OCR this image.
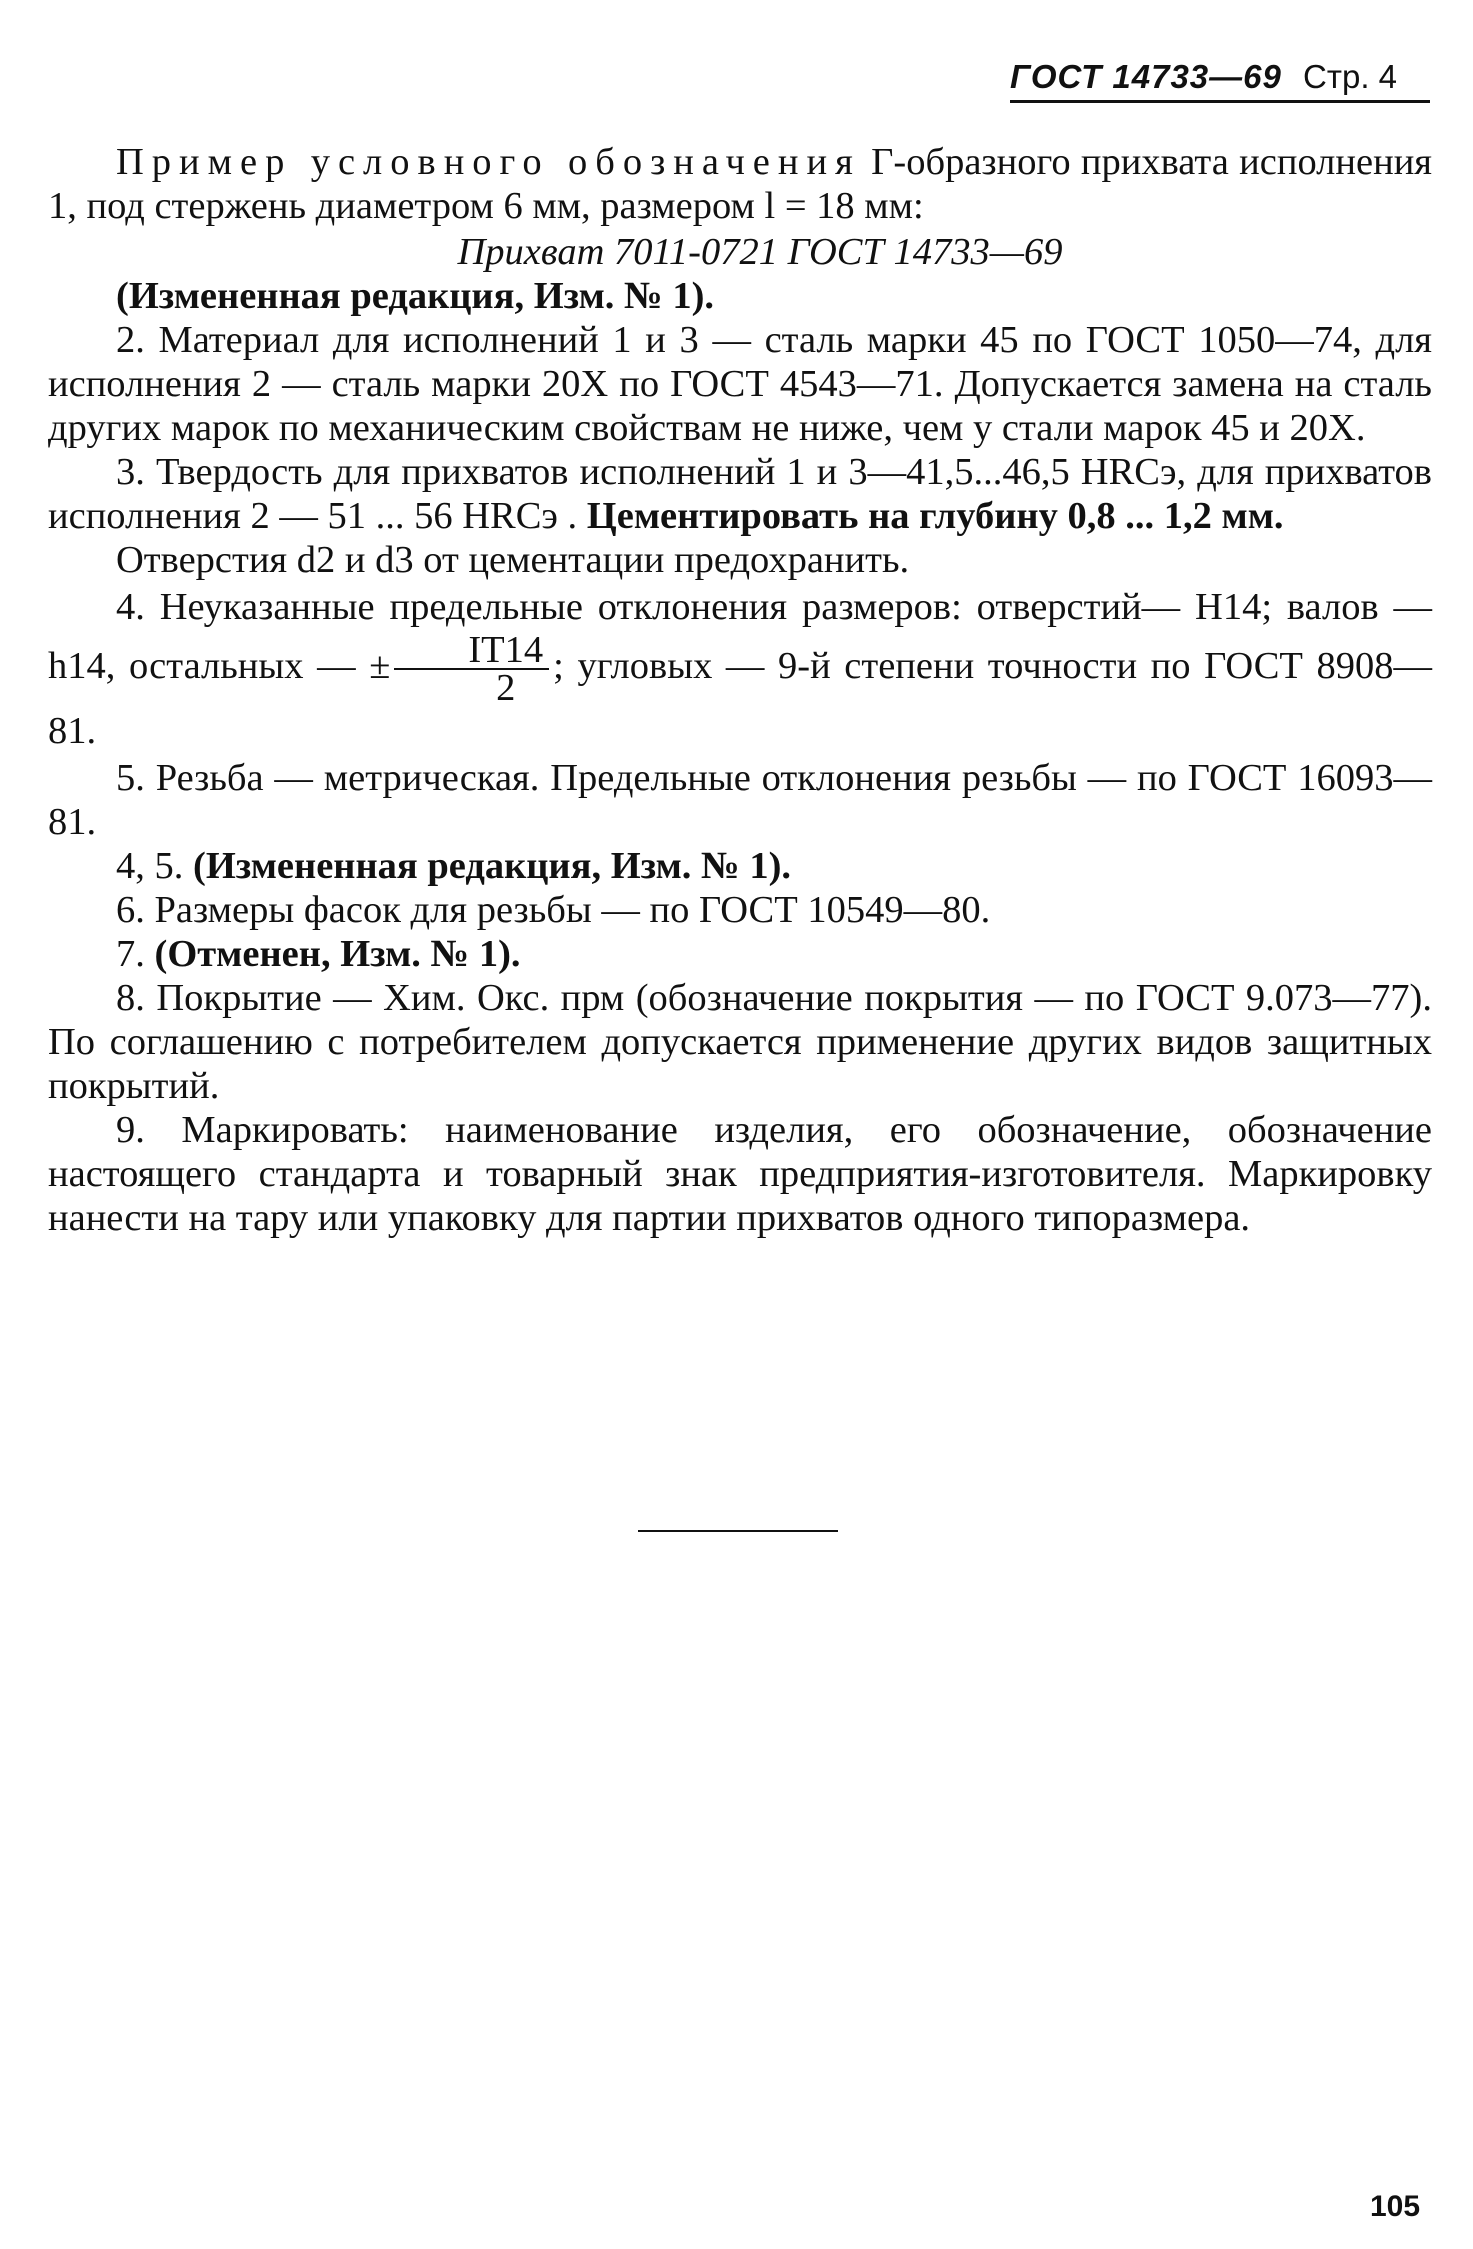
ГОСТ 14733—69 Стр. 4

Пример условного обозначения Г-образного прихвата исполнения 1, под стержень диаметром 6 мм, размером l = 18 мм:

Прихват 7011-0721 ГОСТ 14733—69

(Измененная редакция, Изм. № 1).

2. Материал для исполнений 1 и 3 — сталь марки 45 по ГОСТ 1050—74, для исполнения 2 — сталь марки 20Х по ГОСТ 4543—71. Допускается замена на сталь других марок по механическим свойствам не ниже, чем у стали марок 45 и 20Х.

3. Твердость для прихватов исполнений 1 и 3—41,5...46,5 HRCэ, для прихватов исполнения 2 — 51 ... 56 HRCэ . Цементировать на глубину 0,8 ... 1,2 мм.

Отверстия d2 и d3 от цементации предохранить.

4. Неуказанные предельные отклонения размеров: отверстий— Н14; валов — h14, остальных — ± $\frac{IT14}{2}$ ; угловых — 9-й степени точности по ГОСТ 8908—81.

5. Резьба — метрическая. Предельные отклонения резьбы — по ГОСТ 16093—81.

4, 5. (Измененная редакция, Изм. № 1).

6. Размеры фасок для резьбы — по ГОСТ 10549—80.

7. (Отменен, Изм. № 1).

8. Покрытие — Хим. Окс. прм (обозначение покрытия — по ГОСТ 9.073—77). По соглашению с потребителем допускается применение других видов защитных покрытий.

9. Маркировать: наименование изделия, его обозначение, обозначение настоящего стандарта и товарный знак предприятия-изготовителя. Маркировку нанести на тару или упаковку для партии прихватов одного типоразмера.

105
